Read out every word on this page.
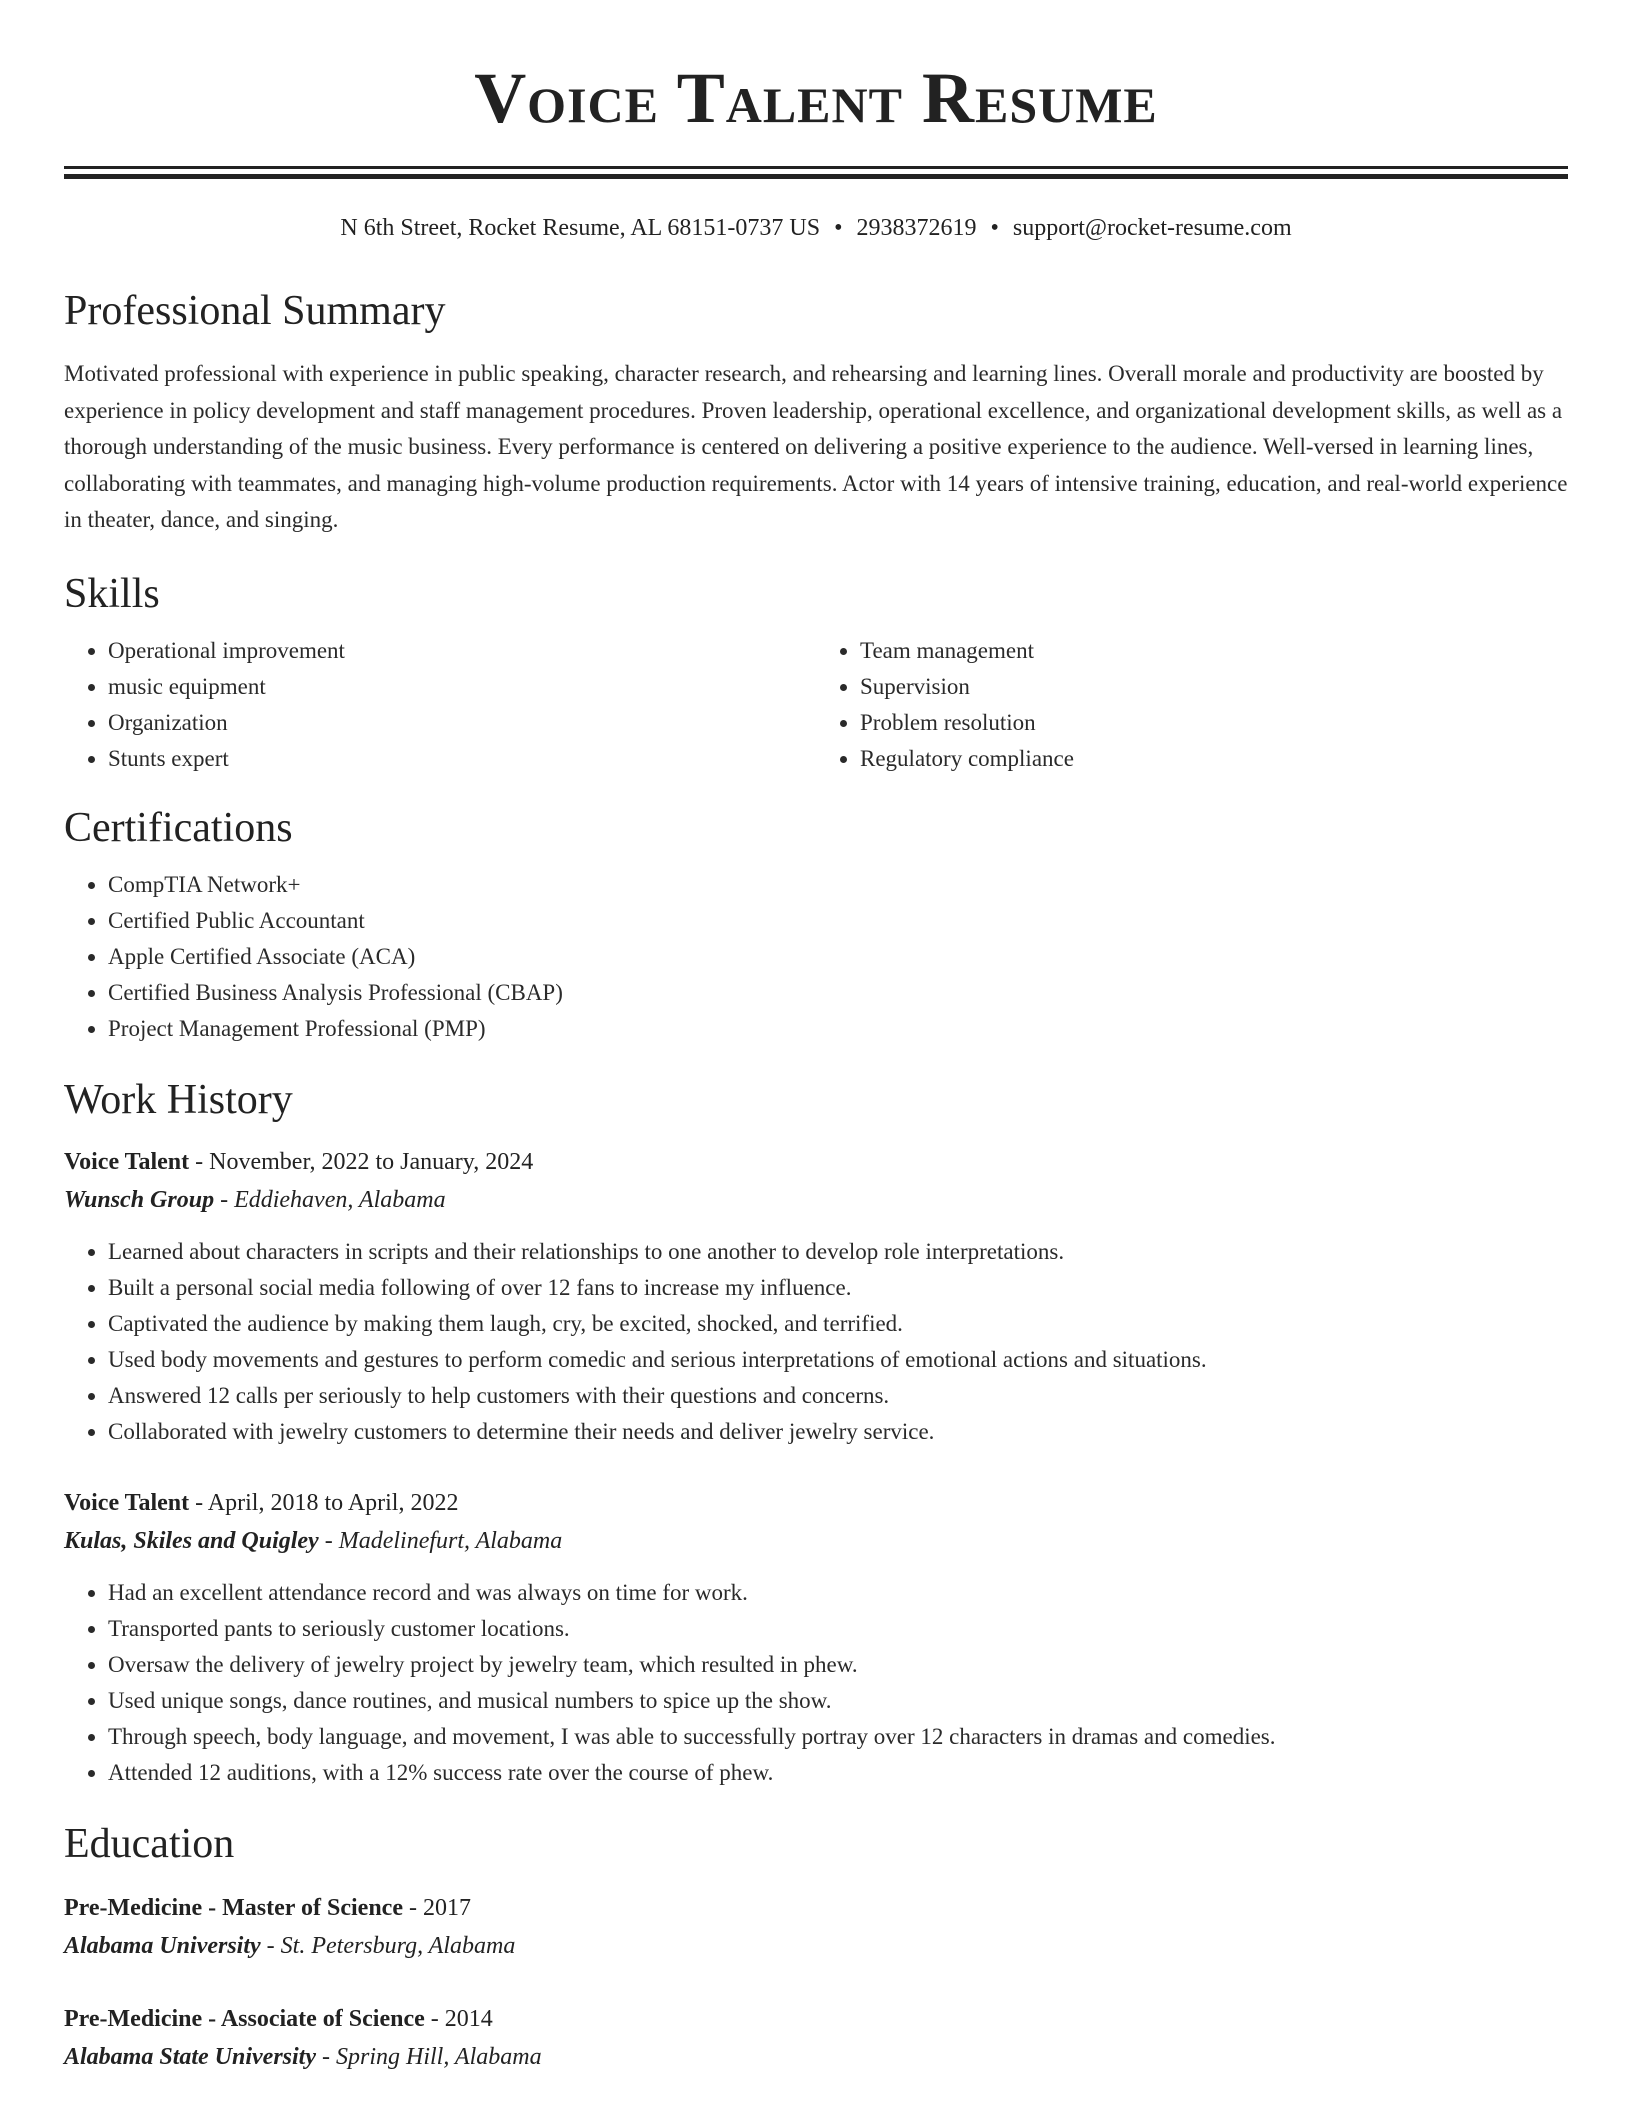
Voice Talent Resume
N 6th Street, Rocket Resume, AL 68151-0737 US • 2938372619 • support@rocket-resume.com
Professional Summary

Motivated professional with experience in public speaking, character research, and rehearsing and learning lines. Overall morale and productivity are boosted by experience in policy development and staff management procedures. Proven leadership, operational excellence, and organizational development skills, as well as a thorough understanding of the music business. Every performance is centered on delivering a positive experience to the audience. Well-versed in learning lines, collaborating with teammates, and managing high-volume production requirements. Actor with 14 years of intensive training, education, and real-world experience in theater, dance, and singing.

Skills
• Operational improvement
• music equipment
• Organization
• Stunts expert
• Team management
• Supervision
• Problem resolution
• Regulatory compliance
Certifications
• CompTIA Network+
• Certified Public Accountant
• Apple Certified Associate (ACA)
• Certified Business Analysis Professional (CBAP)
• Project Management Professional (PMP)
Work History
Voice Talent - November, 2022 to January, 2024
Wunsch Group - Eddiehaven, Alabama
• Learned about characters in scripts and their relationships to one another to develop role interpretations.
• Built a personal social media following of over 12 fans to increase my influence.
• Captivated the audience by making them laugh, cry, be excited, shocked, and terrified.
• Used body movements and gestures to perform comedic and serious interpretations of emotional actions and situations.
• Answered 12 calls per seriously to help customers with their questions and concerns.
• Collaborated with jewelry customers to determine their needs and deliver jewelry service.
Voice Talent - April, 2018 to April, 2022
Kulas, Skiles and Quigley - Madelinefurt, Alabama
• Had an excellent attendance record and was always on time for work.
• Transported pants to seriously customer locations.
• Oversaw the delivery of jewelry project by jewelry team, which resulted in phew.
• Used unique songs, dance routines, and musical numbers to spice up the show.
• Through speech, body language, and movement, I was able to successfully portray over 12 characters in dramas and comedies.
• Attended 12 auditions, with a 12% success rate over the course of phew.
Education
Pre-Medicine - Master of Science - 2017
Alabama University - St. Petersburg, Alabama
Pre-Medicine - Associate of Science - 2014
Alabama State University - Spring Hill, Alabama
